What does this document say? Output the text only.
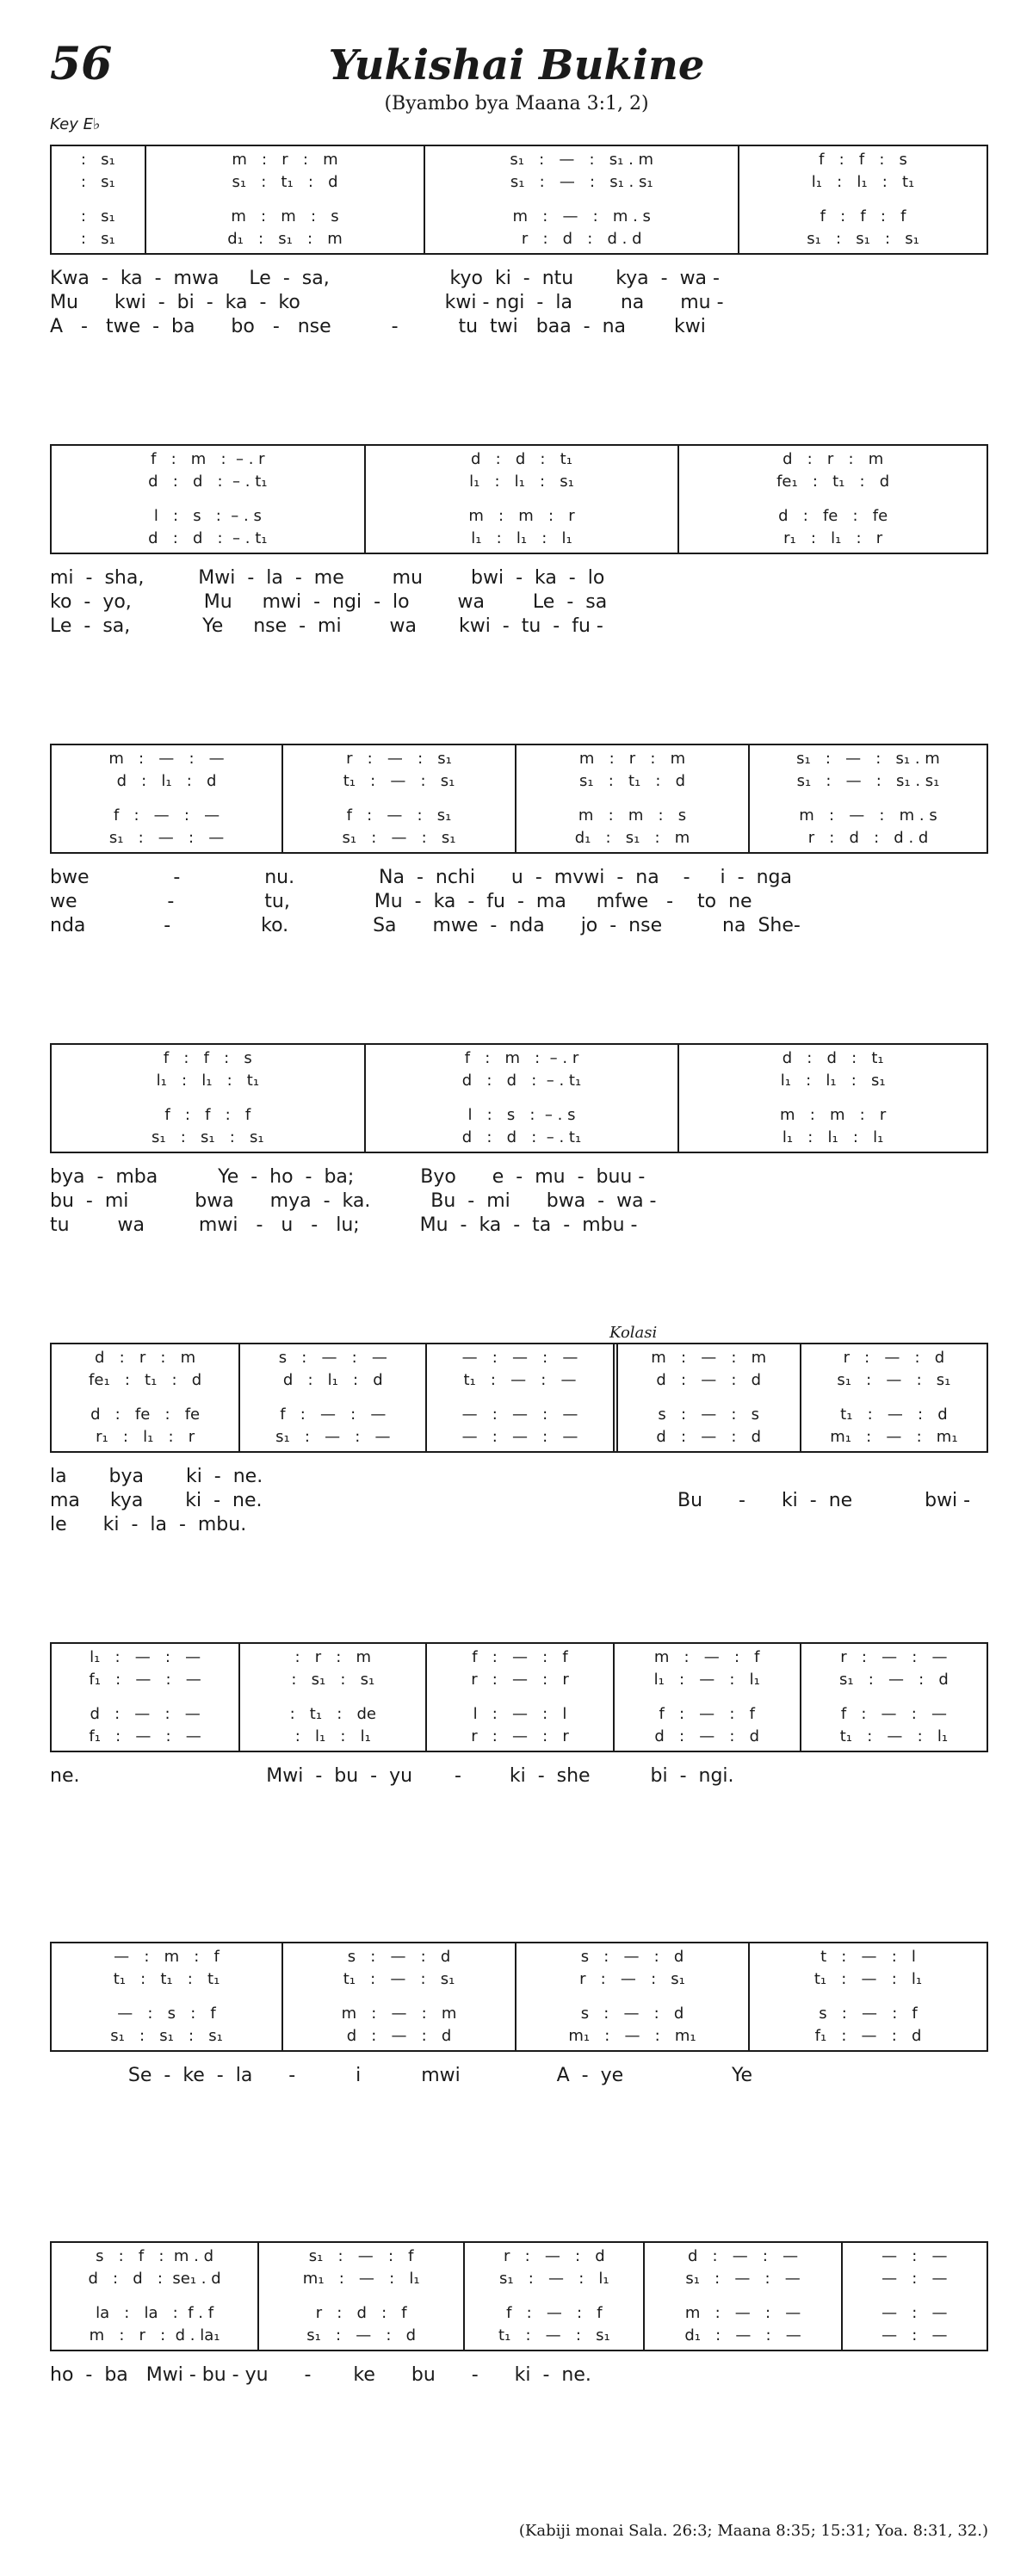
56	Yukishai Bukine
(Byambo bya Maana 3:1, 2)
Key E♭
Kolasi
:   s₁
:   s₁
:   s₁
:   s₁
m   :   r   :   m
s₁   :   t₁   :   d
m   :   m   :   s
d₁   :   s₁   :   m
s₁   :   —   :   s₁ . m
s₁   :   —   :   s₁ . s₁
m   :   —   :   m . s
r   :   d   :   d . d
f   :   f   :   s
l₁   :   l₁   :   t₁
f   :   f   :   f
s₁   :   s₁   :   s₁
Kwa  -  ka  -  mwa     Le  -  sa,                    kyo  ki  -  ntu       kya  -  wa -
Mu      kwi  -  bi  -  ka  -  ko                        kwi - ngi  -  la        na      mu -
A   -   twe  -  ba      bo   -   nse          -          tu  twi   baa  -  na        kwi
f   :   m   :  – . r
d   :   d   :  – . t₁
l   :   s   :  – . s
d   :   d   :  – . t₁
d   :   d   :   t₁
l₁   :   l₁   :   s₁
m   :   m   :   r
l₁   :   l₁   :   l₁
d   :   r   :   m
fe₁   :   t₁   :   d
d   :   fe   :   fe
r₁   :   l₁   :   r
mi  -  sha,         Mwi  -  la  -  me        mu        bwi  -  ka  -  lo
ko  -  yo,            Mu     mwi  -  ngi  -  lo        wa        Le  -  sa
Le  -  sa,            Ye     nse  -  mi        wa       kwi  -  tu  -  fu -
m   :   —   :   —
d   :   l₁   :   d
f   :   —   :   —
s₁   :   —   :   —
r   :   —   :   s₁
t₁   :   —   :   s₁
f   :   —   :   s₁
s₁   :   —   :   s₁
m   :   r   :   m
s₁   :   t₁   :   d
m   :   m   :   s
d₁   :   s₁   :   m
s₁   :   —   :   s₁ . m
s₁   :   —   :   s₁ . s₁
m   :   —   :   m . s
r   :   d   :   d . d
bwe              -              nu.              Na  -  nchi      u  -  mvwi  -  na    -     i  -  nga
we               -               tu,              Mu  -  ka  -  fu  -  ma     mfwe   -    to  ne
nda             -               ko.              Sa      mwe  -  nda      jo  -  nse          na  She-
f   :   f   :   s
l₁   :   l₁   :   t₁
f   :   f   :   f
s₁   :   s₁   :   s₁
f   :   m   :  – . r
d   :   d   :  – . t₁
l   :   s   :  – . s
d   :   d   :  – . t₁
d   :   d   :   t₁
l₁   :   l₁   :   s₁
m   :   m   :   r
l₁   :   l₁   :   l₁
bya  -  mba          Ye  -  ho  -  ba;           Byo      e  -  mu  -  buu -
bu  -  mi           bwa      mya  -  ka.          Bu  -  mi      bwa  -  wa -
tu        wa         mwi   -   u   -   lu;          Mu  -  ka  -  ta  -  mbu -
d   :   r   :   m
fe₁   :   t₁   :   d
d   :   fe   :   fe
r₁   :   l₁   :   r
s   :   —   :   —
d   :   l₁   :   d
f   :   —   :   —
s₁   :   —   :   —
—   :   —   :   —
t₁   :   —   :   —
—   :   —   :   —
—   :   —   :   —
m   :   —   :   m
d   :   —   :   d
s   :   —   :   s
d   :   —   :   d
r   :   —   :   d
s₁   :   —   :   s₁
t₁   :   —   :   d
m₁   :   —   :   m₁
la       bya       ki  -  ne.
ma     kya       ki  -  ne.                                                                     Bu      -      ki  -  ne            bwi -
le      ki  -  la  -  mbu.
l₁   :   —   :   —
f₁   :   —   :   —
d   :   —   :   —
f₁   :   —   :   —
:   r   :   m
:   s₁   :   s₁
:   t₁   :   de
:   l₁   :   l₁
f   :   —   :   f
r   :   —   :   r
l   :   —   :   l
r   :   —   :   r
m   :   —   :   f
l₁   :   —   :   l₁
f   :   —   :   f
d   :   —   :   d
r   :   —   :   —
s₁   :   —   :   d
f   :   —   :   —
t₁   :   —   :   l₁
ne.                               Mwi  -  bu  -  yu       -        ki  -  she          bi  -  ngi.
—   :   m   :   f
t₁   :   t₁   :   t₁
—   :   s   :   f
s₁   :   s₁   :   s₁
s   :   —   :   d
t₁   :   —   :   s₁
m   :   —   :   m
d   :   —   :   d
s   :   —   :   d
r   :   —   :   s₁
s   :   —   :   d
m₁   :   —   :   m₁
t   :   —   :   l
t₁   :   —   :   l₁
s   :   —   :   f
f₁   :   —   :   d
Se  -  ke  -  la      -          i          mwi                A  -  ye                  Ye
s   :   f   :  m . d
d   :   d   :  se₁ . d
la   :   la   :  f . f
m   :   r   :  d . la₁
s₁   :   —   :   f
m₁   :   —   :   l₁
r   :   d   :   f
s₁   :   —   :   d
r   :   —   :   d
s₁   :   —   :   l₁
f   :   —   :   f
t₁   :   —   :   s₁
d   :   —   :   —
s₁   :   —   :   —
m   :   —   :   —
d₁   :   —   :   —
—   :   —
—   :   —
—   :   —
—   :   —
ho  -  ba   Mwi - bu - yu      -       ke      bu      -      ki  -  ne.
(Kabiji monai Sala. 26:3; Maana 8:35; 15:31; Yoa. 8:31, 32.)
